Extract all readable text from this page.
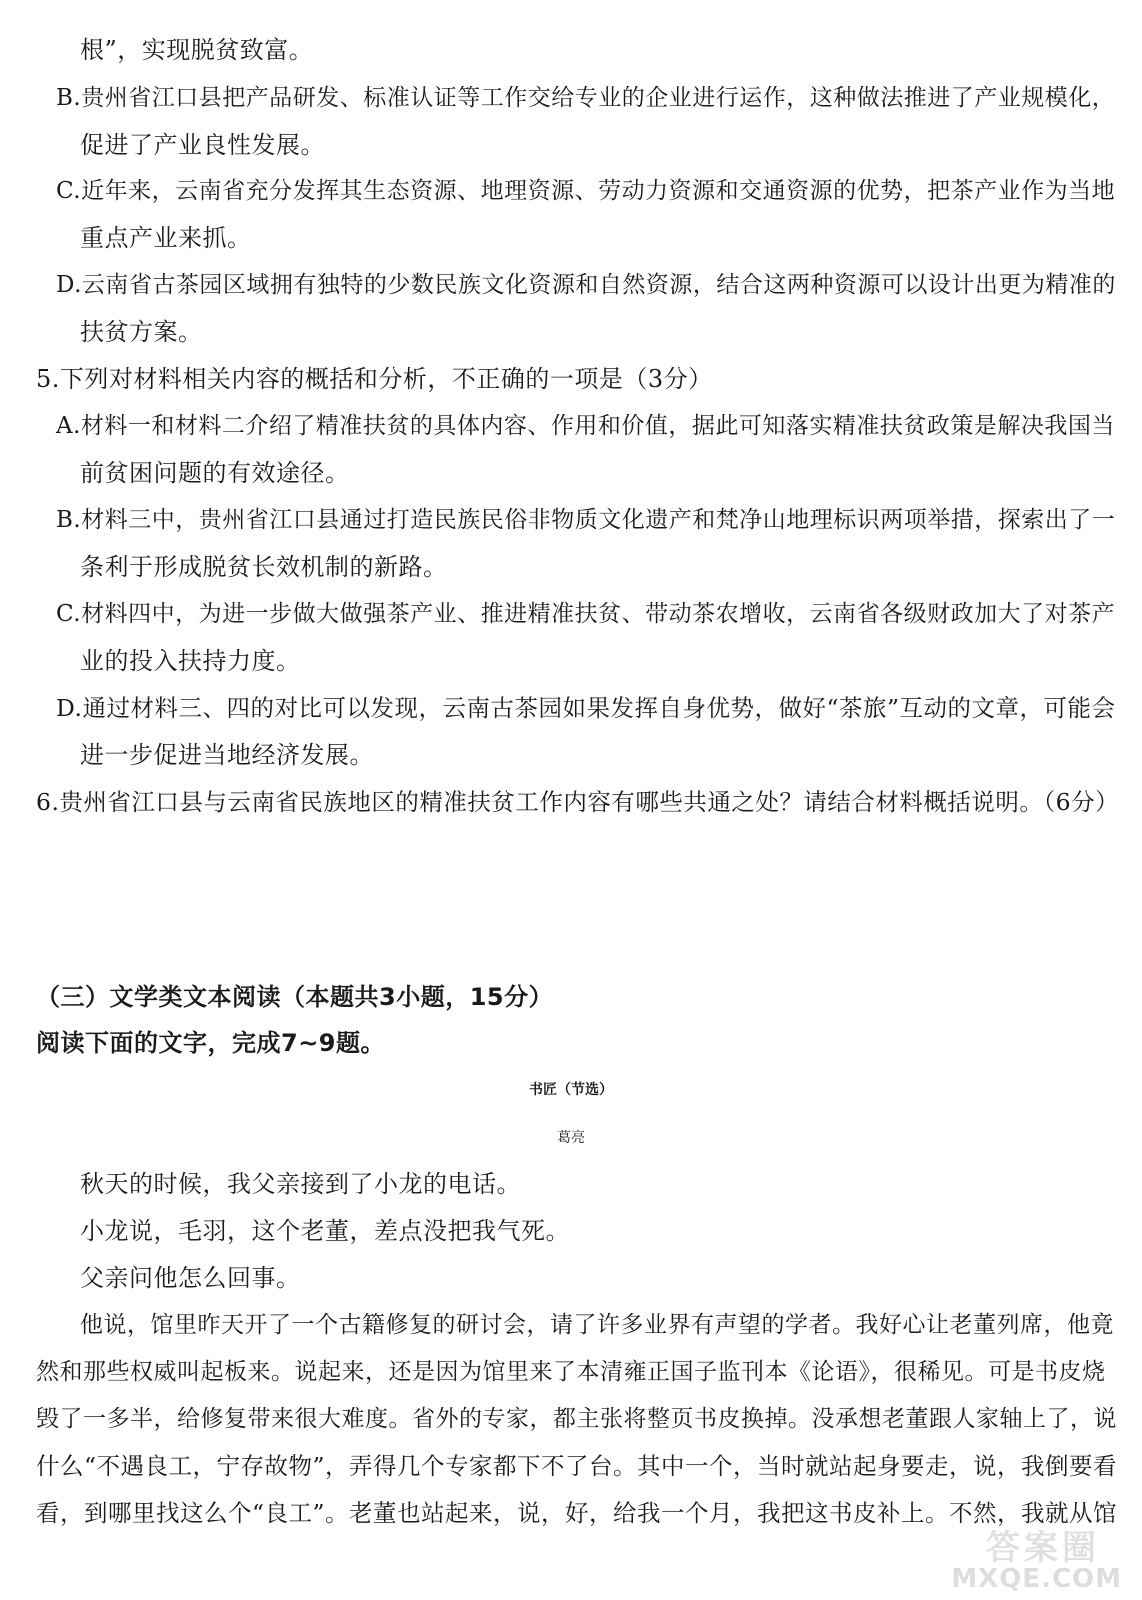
根”，实现脱贫致富。
B.贵州省江口县把产品研发、标准认证等工作交给专业的企业进行运作，这种做法推进了产业规模化，
促进了产业良性发展。
C.近年来，云南省充分发挥其生态资源、地理资源、劳动力资源和交通资源的优势，把茶产业作为当地
重点产业来抓。
D.云南省古茶园区域拥有独特的少数民族文化资源和自然资源，结合这两种资源可以设计出更为精准的
扶贫方案。
5.下列对材料相关内容的概括和分析，不正确的一项是（3分）
A.材料一和材料二介绍了精准扶贫的具体内容、作用和价值，据此可知落实精准扶贫政策是解决我国当
前贫困问题的有效途径。
B.材料三中，贵州省江口县通过打造民族民俗非物质文化遗产和梵净山地理标识两项举措，探索出了一
条利于形成脱贫长效机制的新路。
C.材料四中，为进一步做大做强茶产业、推进精准扶贫、带动茶农增收，云南省各级财政加大了对茶产
业的投入扶持力度。
D.通过材料三、四的对比可以发现，云南古茶园如果发挥自身优势，做好“茶旅”互动的文章，可能会
进一步促进当地经济发展。
6.贵州省江口县与云南省民族地区的精准扶贫工作内容有哪些共通之处？请结合材料概括说明。（6分）
（三）文学类文本阅读（本题共3小题，15分）
阅读下面的文字，完成7~9题。
书匠（节选）
葛亮
秋天的时候，我父亲接到了小龙的电话。
小龙说，毛羽，这个老董，差点没把我气死。
父亲问他怎么回事。
他说，馆里昨天开了一个古籍修复的研讨会，请了许多业界有声望的学者。我好心让老董列席，他竟
然和那些权威叫起板来。说起来，还是因为馆里来了本清雍正国子监刊本《论语》，很稀见。可是书皮烧
毁了一多半，给修复带来很大难度。省外的专家，都主张将整页书皮换掉。没承想老董跟人家轴上了，说
什么“不遇良工，宁存故物”，弄得几个专家都下不了台。其中一个，当时就站起身要走，说，我倒要看
看，到哪里找这么个“良工”。老董也站起来，说，好，给我一个月，我把这书皮补上。不然，我就从馆
答案圈
MXQE.COM
